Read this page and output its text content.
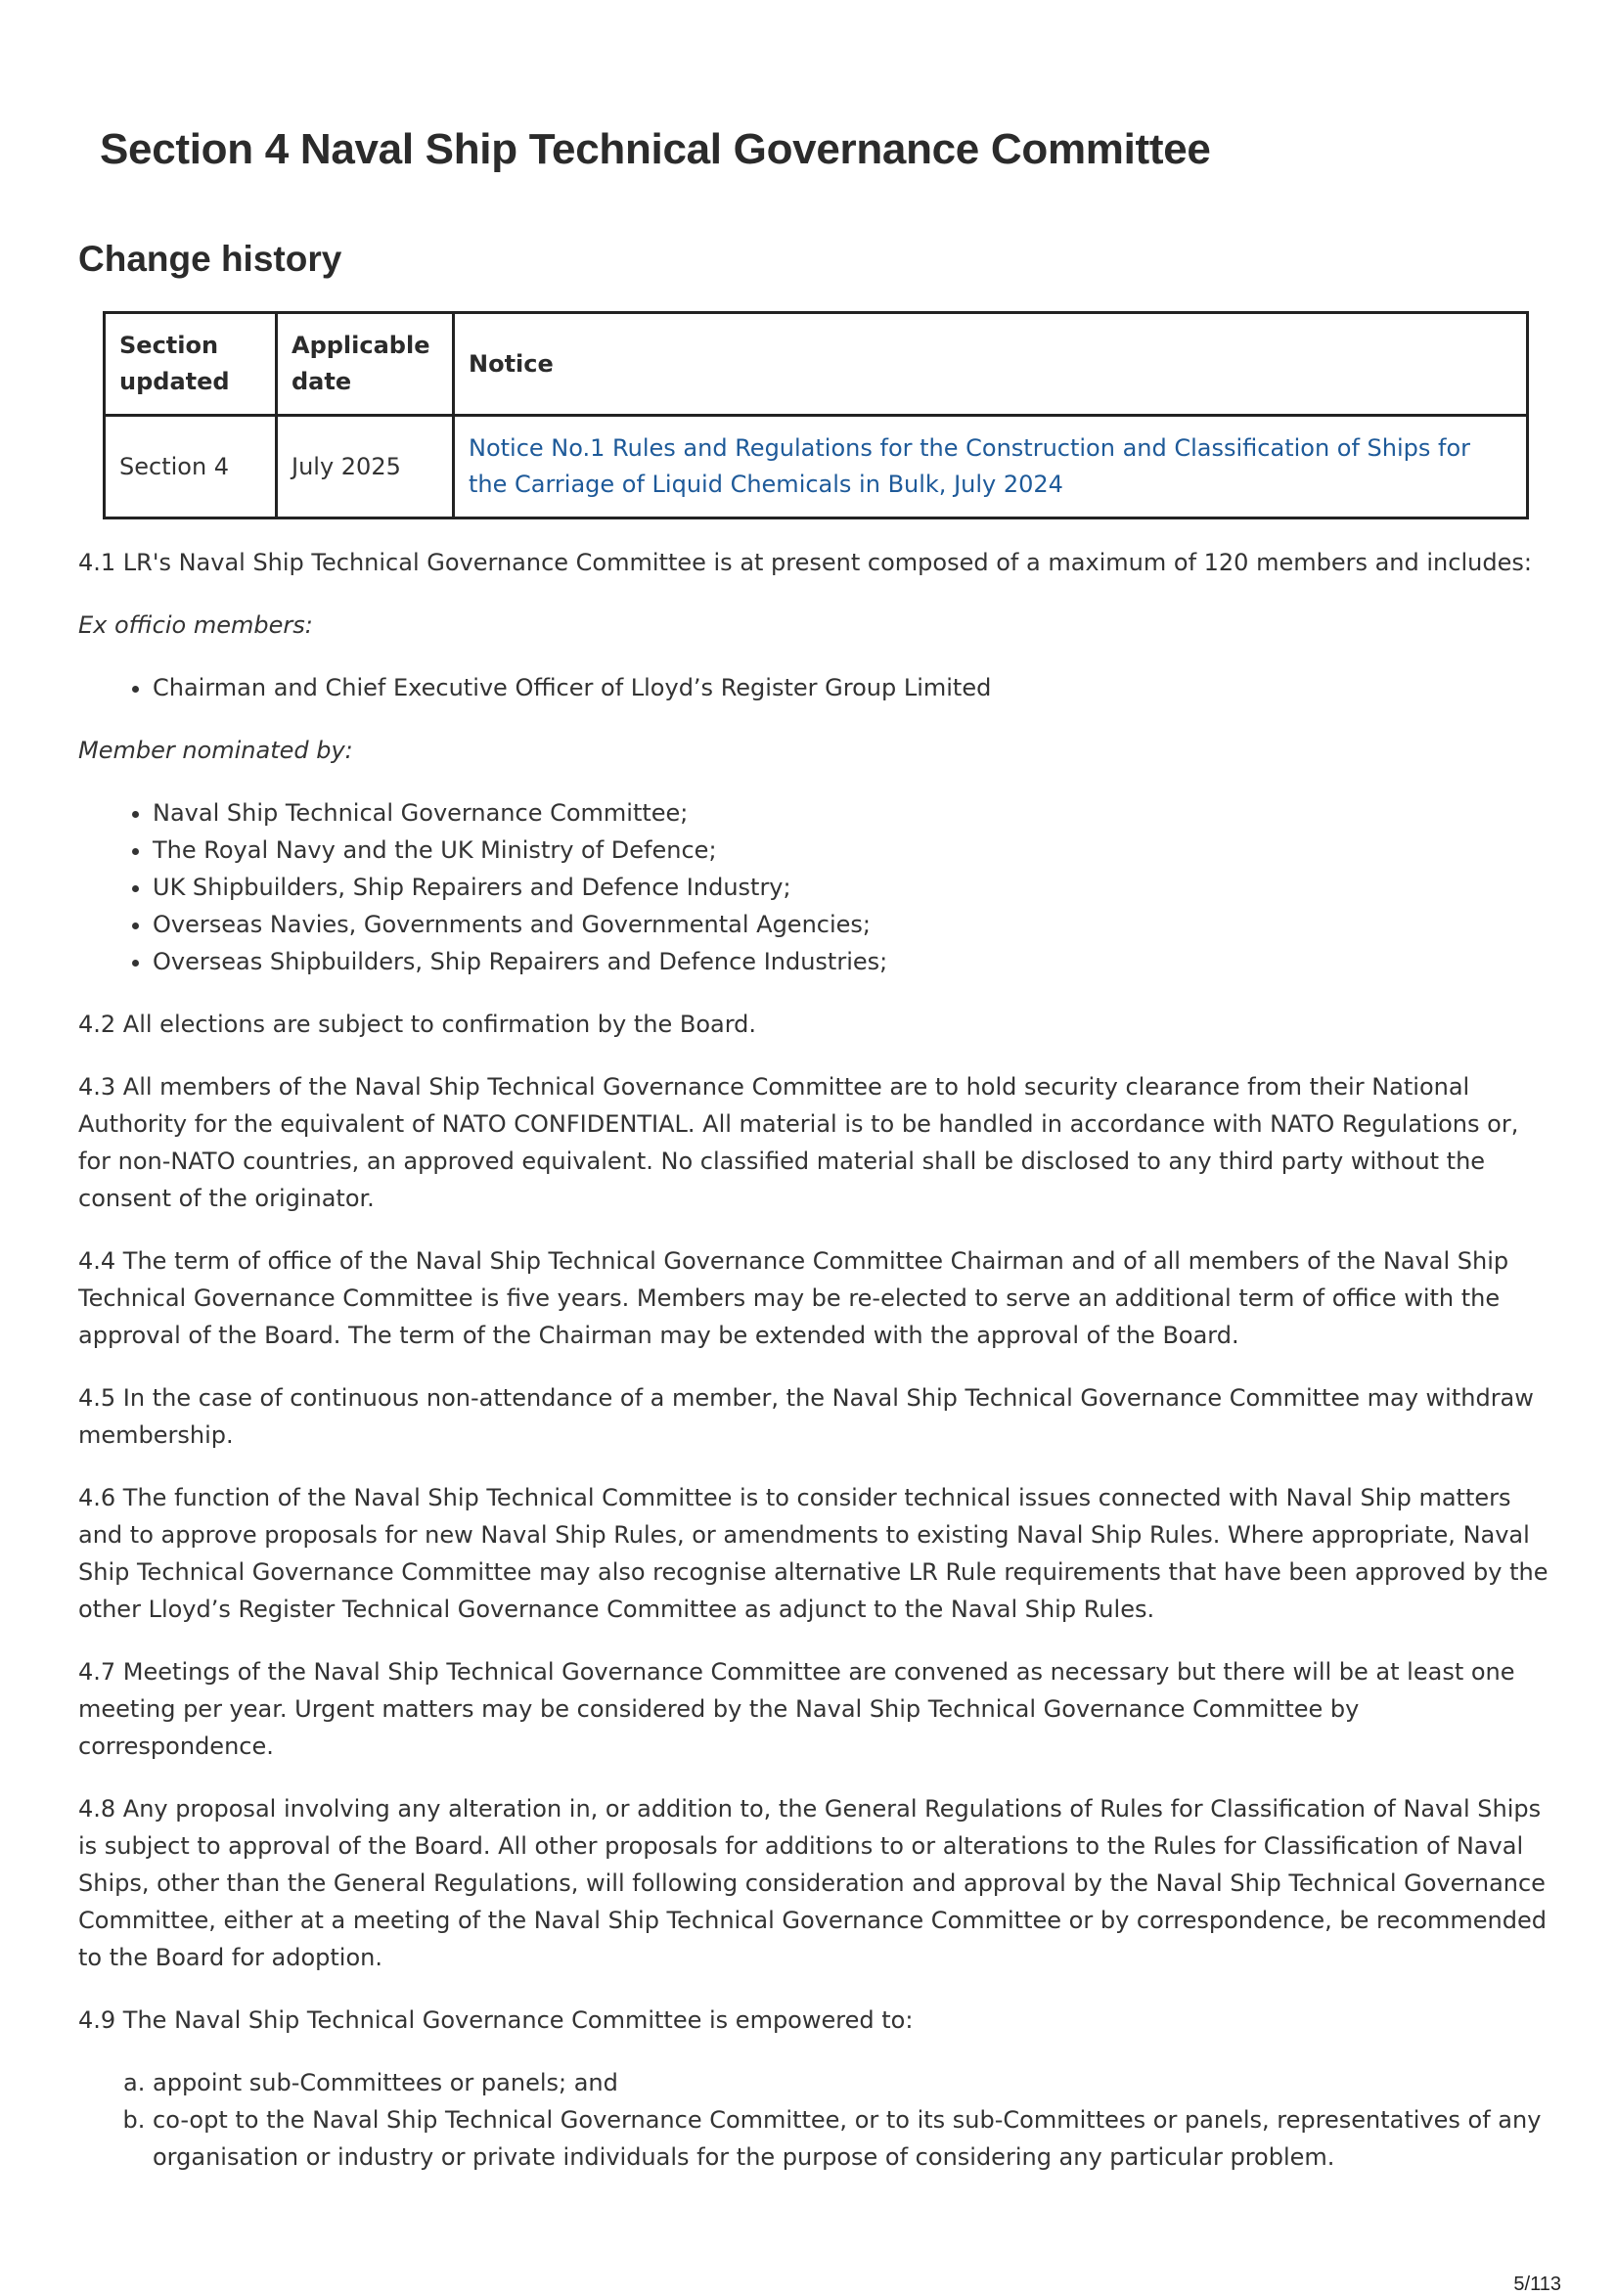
Section 4 Naval Ship Technical Governance Committee
Change history
Section updated	Applicable date	Notice
Section 4	July 2025	Notice No.1 Rules and Regulations for the Construction and Classification of Ships for the Carriage of Liquid Chemicals in Bulk, July 2024

4.1 LR's Naval Ship Technical Governance Committee is at present composed of a maximum of 120 members and includes:

Ex officio members:

• Chairman and Chief Executive Officer of Lloyd’s Register Group Limited

Member nominated by:

• Naval Ship Technical Governance Committee;
• The Royal Navy and the UK Ministry of Defence;
• UK Shipbuilders, Ship Repairers and Defence Industry;
• Overseas Navies, Governments and Governmental Agencies;
• Overseas Shipbuilders, Ship Repairers and Defence Industries;

4.2 All elections are subject to confirmation by the Board.

4.3 All members of the Naval Ship Technical Governance Committee are to hold security clearance from their National Authority for the equivalent of NATO CONFIDENTIAL. All material is to be handled in accordance with NATO Regulations or, for non-NATO countries, an approved equivalent. No classified material shall be disclosed to any third party without the consent of the originator.

4.4 The term of office of the Naval Ship Technical Governance Committee Chairman and of all members of the Naval Ship Technical Governance Committee is five years. Members may be re-elected to serve an additional term of office with the approval of the Board. The term of the Chairman may be extended with the approval of the Board.

4.5 In the case of continuous non-attendance of a member, the Naval Ship Technical Governance Committee may withdraw membership.

4.6 The function of the Naval Ship Technical Committee is to consider technical issues connected with Naval Ship matters and to approve proposals for new Naval Ship Rules, or amendments to existing Naval Ship Rules. Where appropriate, Naval Ship Technical Governance Committee may also recognise alternative LR Rule requirements that have been approved by the other Lloyd’s Register Technical Governance Committee as adjunct to the Naval Ship Rules.

4.7 Meetings of the Naval Ship Technical Governance Committee are convened as necessary but there will be at least one meeting per year. Urgent matters may be considered by the Naval Ship Technical Governance Committee by correspondence.

4.8 Any proposal involving any alteration in, or addition to, the General Regulations of Rules for Classification of Naval Ships is subject to approval of the Board. All other proposals for additions to or alterations to the Rules for Classification of Naval Ships, other than the General Regulations, will following consideration and approval by the Naval Ship Technical Governance Committee, either at a meeting of the Naval Ship Technical Governance Committee or by correspondence, be recommended to the Board for adoption.

4.9 The Naval Ship Technical Governance Committee is empowered to:

a. appoint sub-Committees or panels; and
b. co-opt to the Naval Ship Technical Governance Committee, or to its sub-Committees or panels, representatives of any organisation or industry or private individuals for the purpose of considering any particular problem.
5/113
